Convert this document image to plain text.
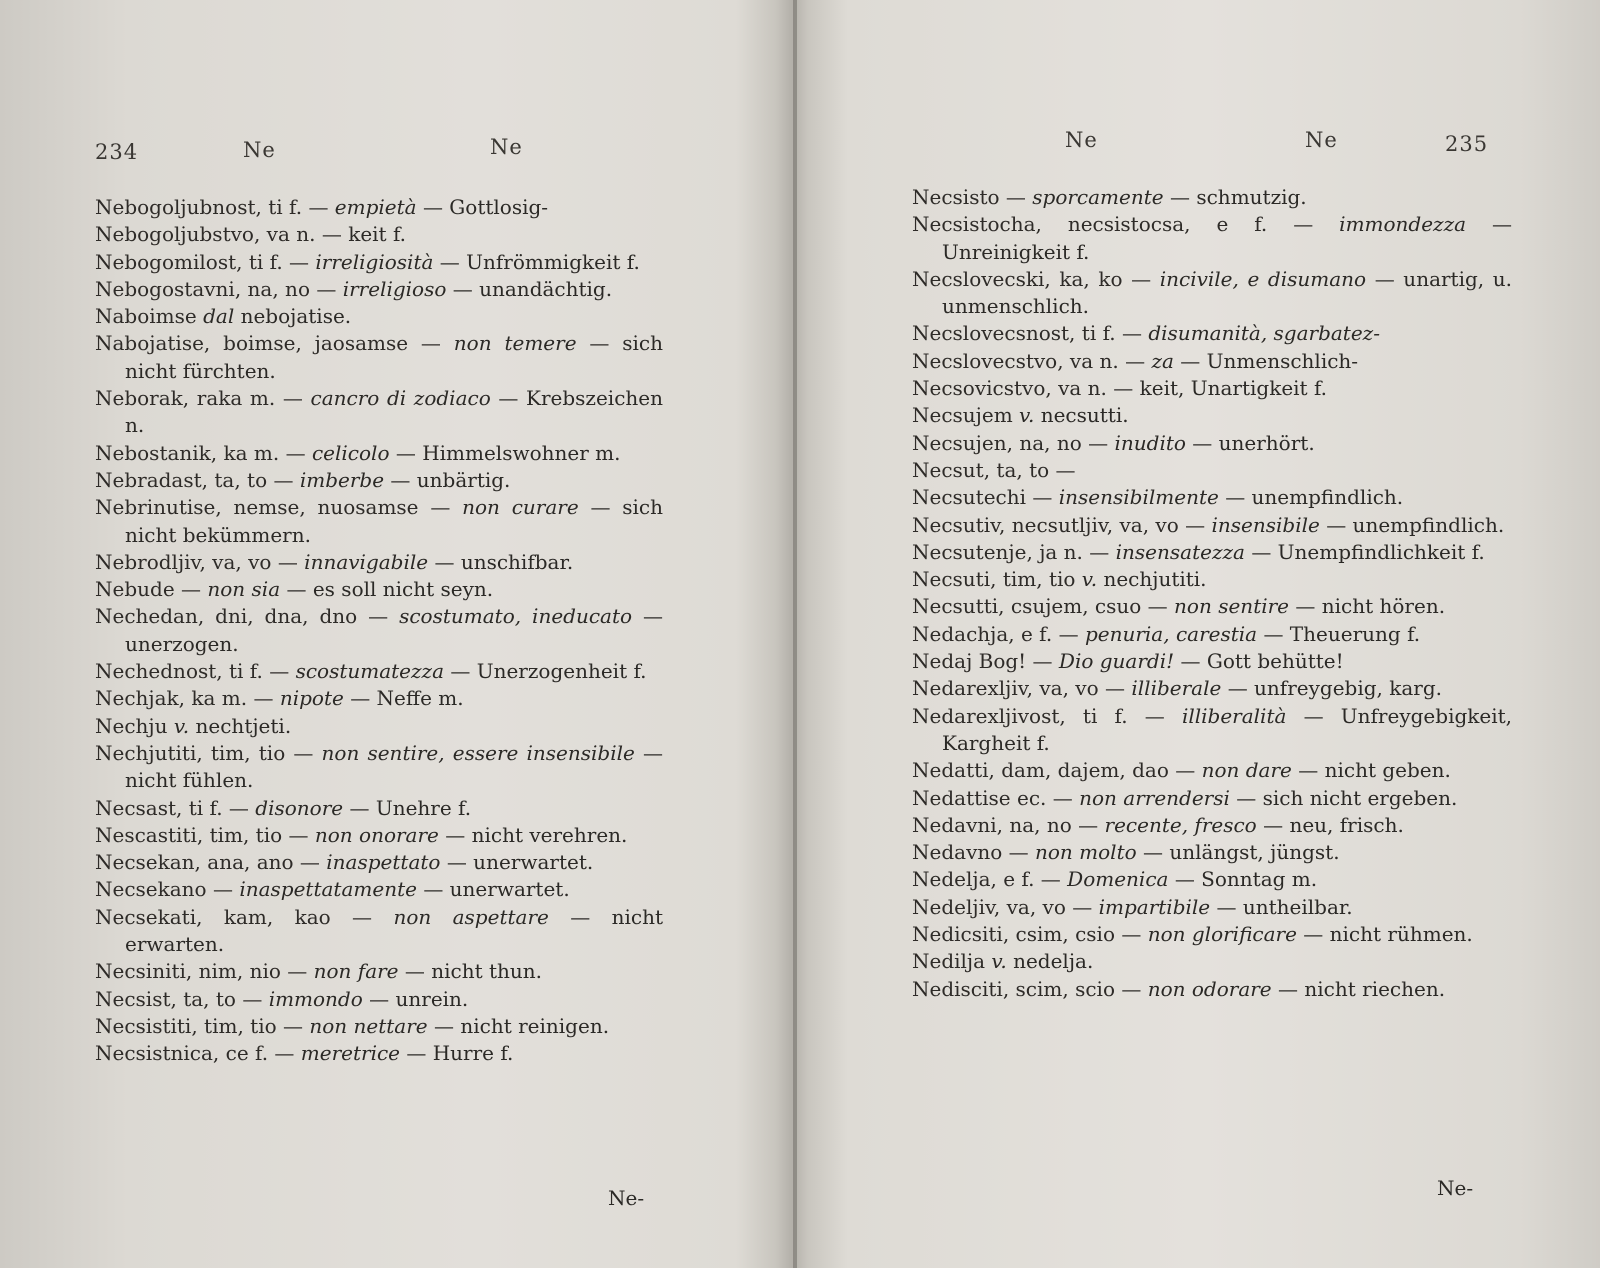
234	Ne	Ne
Nebogoljubnost, ti f. — empietà — Gottlosig-
Nebogoljubstvo, va n. — keit f.
Nebogomilost, ti f. — irreligiosità — Unfrömmigkeit f.
Nebogostavni, na, no — irreligioso — unandächtig.
Naboimse dal nebojatise.
Nabojatise, boimse, jaosamse — non temere — sich nicht fürchten.
Neborak, raka m. — cancro di zodiaco — Krebszeichen n.
Nebostanik, ka m. — celicolo — Himmelswohner m.
Nebradast, ta, to — imberbe — unbärtig.
Nebrinutise, nemse, nuosamse — non curare — sich nicht bekümmern.
Nebrodljiv, va, vo — innavigabile — unschifbar.
Nebude — non sia — es soll nicht seyn.
Nechedan, dni, dna, dno — scostumato, ineducato — unerzogen.
Nechednost, ti f. — scostumatezza — Unerzogenheit f.
Nechjak, ka m. — nipote — Neffe m.
Nechju v. nechtjeti.
Nechjutiti, tim, tio — non sentire, essere insensibile — nicht fühlen.
Necsast, ti f. — disonore — Unehre f.
Nescastiti, tim, tio — non onorare — nicht verehren.
Necsekan, ana, ano — inaspettato — unerwartet.
Necsekano — inaspettatamente — unerwartet.
Necsekati, kam, kao — non aspettare — nicht erwarten.
Necsiniti, nim, nio — non fare — nicht thun.
Necsist, ta, to — immondo — unrein.
Necsistiti, tim, tio — non nettare — nicht reinigen.
Necsistnica, ce f. — meretrice — Hurre f.
Ne-
Ne	Ne	235
Necsisto — sporcamente — schmutzig.
Necsistocha, necsistocsa, e f. — immondezza — Unreinigkeit f.
Necslovecski, ka, ko — incivile, e disumano — unartig, u. unmenschlich.
Necslovecsnost, ti f. — disumanità, sgarbatez-
Necslovecstvo, va n. — za — Unmenschlich-
Necsovicstvo, va n. — keit, Unartigkeit f.
Necsujem v. necsutti.
Necsujen, na, no — inudito — unerhört.
Necsut, ta, to —
Necsutechi — insensibilmente — unempfindlich.
Necsutiv, necsutljiv, va, vo — insensibile — unempfindlich.
Necsutenje, ja n. — insensatezza — Unempfindlichkeit f.
Necsuti, tim, tio v. nechjutiti.
Necsutti, csujem, csuo — non sentire — nicht hören.
Nedachja, e f. — penuria, carestia — Theuerung f.
Nedaj Bog! — Dio guardi! — Gott behütte!
Nedarexljiv, va, vo — illiberale — unfreygebig, karg.
Nedarexljivost, ti f. — illiberalità — Unfreygebigkeit, Kargheit f.
Nedatti, dam, dajem, dao — non dare — nicht geben.
Nedattise ec. — non arrendersi — sich nicht ergeben.
Nedavni, na, no — recente, fresco — neu, frisch.
Nedavno — non molto — unlängst, jüngst.
Nedelja, e f. — Domenica — Sonntag m.
Nedeljiv, va, vo — impartibile — untheilbar.
Nedicsiti, csim, csio — non glorificare — nicht rühmen.
Nedilja v. nedelja.
Nedisciti, scim, scio — non odorare — nicht riechen.
Ne-
